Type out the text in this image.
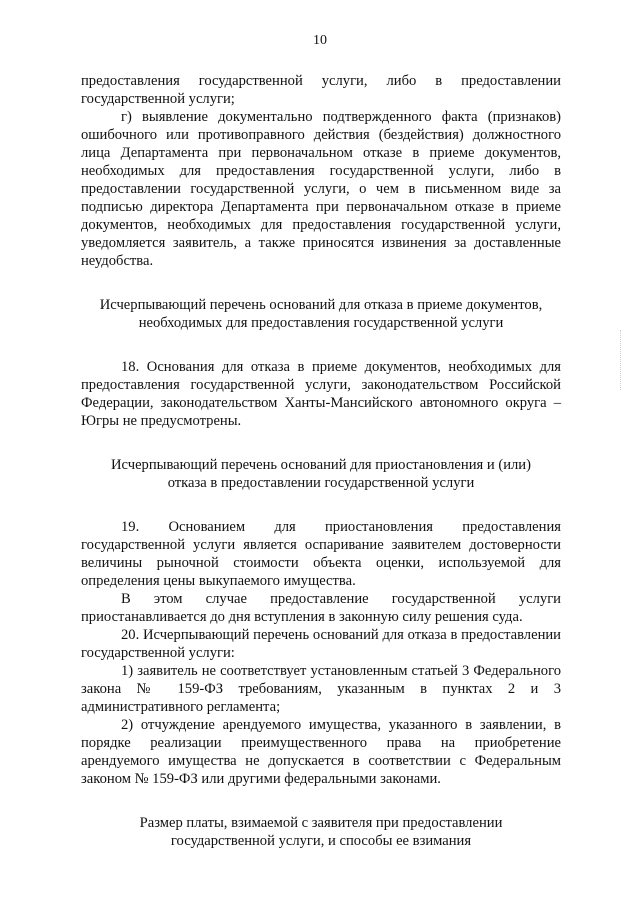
10

предоставления государственной услуги, либо в предоставлении государственной услуги;

г) выявление документально подтвержденного факта (признаков) ошибочного или противоправного действия (бездействия) должностного лица Департамента при первоначальном отказе в приеме документов, необходимых для предоставления государственной услуги, либо в предоставлении государственной услуги, о чем в письменном виде за подписью директора Департамента при первоначальном отказе в приеме документов, необходимых для предоставления государственной услуги, уведомляется заявитель, а также приносятся извинения за доставленные неудобства.

Исчерпывающий перечень оснований для отказа в приеме документов,

необходимых для предоставления государственной услуги

18. Основания для отказа в приеме документов, необходимых для предоставления государственной услуги, законодательством Российской Федерации, законодательством Ханты-Мансийского автономного округа – Югры не предусмотрены.

Исчерпывающий перечень оснований для приостановления и (или)

отказа в предоставлении государственной услуги

19. Основанием для приостановления предоставления государственной услуги является оспаривание заявителем достоверности величины рыночной стоимости объекта оценки, используемой для определения цены выкупаемого имущества.

В этом случае предоставление государственной услуги приостанавливается до дня вступления в законную силу решения суда.

20. Исчерпывающий перечень оснований для отказа в предоставлении государственной услуги:

1) заявитель не соответствует установленным статьей 3 Федерального закона № 159-ФЗ требованиям, указанным в пунктах 2 и 3 административного регламента;

2) отчуждение арендуемого имущества, указанного в заявлении, в порядке реализации преимущественного права на приобретение арендуемого имущества не допускается в соответствии с Федеральным законом № 159-ФЗ или другими федеральными законами.

Размер платы, взимаемой с заявителя при предоставлении

государственной услуги, и способы ее взимания
